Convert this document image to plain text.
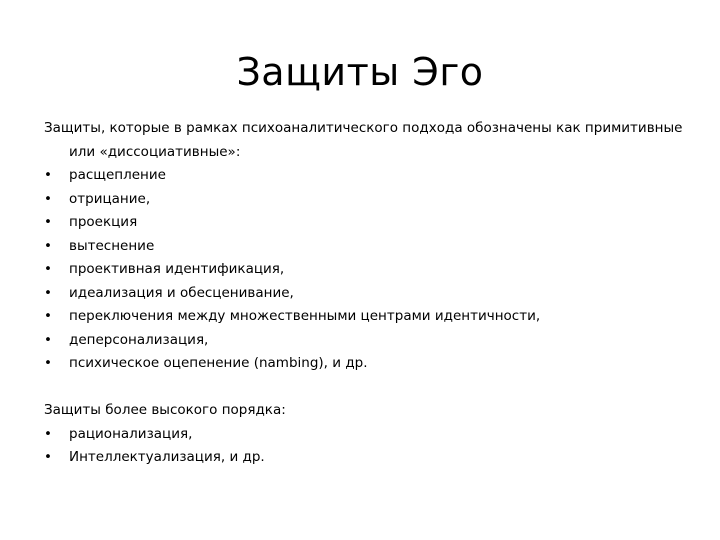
Защиты Эго

Защиты, которые в рамках психоаналитического подхода обозначены как примитивные или «диссоциативные»:

• расщепление
• отрицание,
• проекция
• вытеснение
• проективная идентификация,
• идеализация и обесценивание,
• переключения между множественными центрами идентичности,
• деперсонализация,
• психическое оцепенение (nambing), и др.

Защиты более высокого порядка:

• рационализация,
• Интеллектуализация, и др.
